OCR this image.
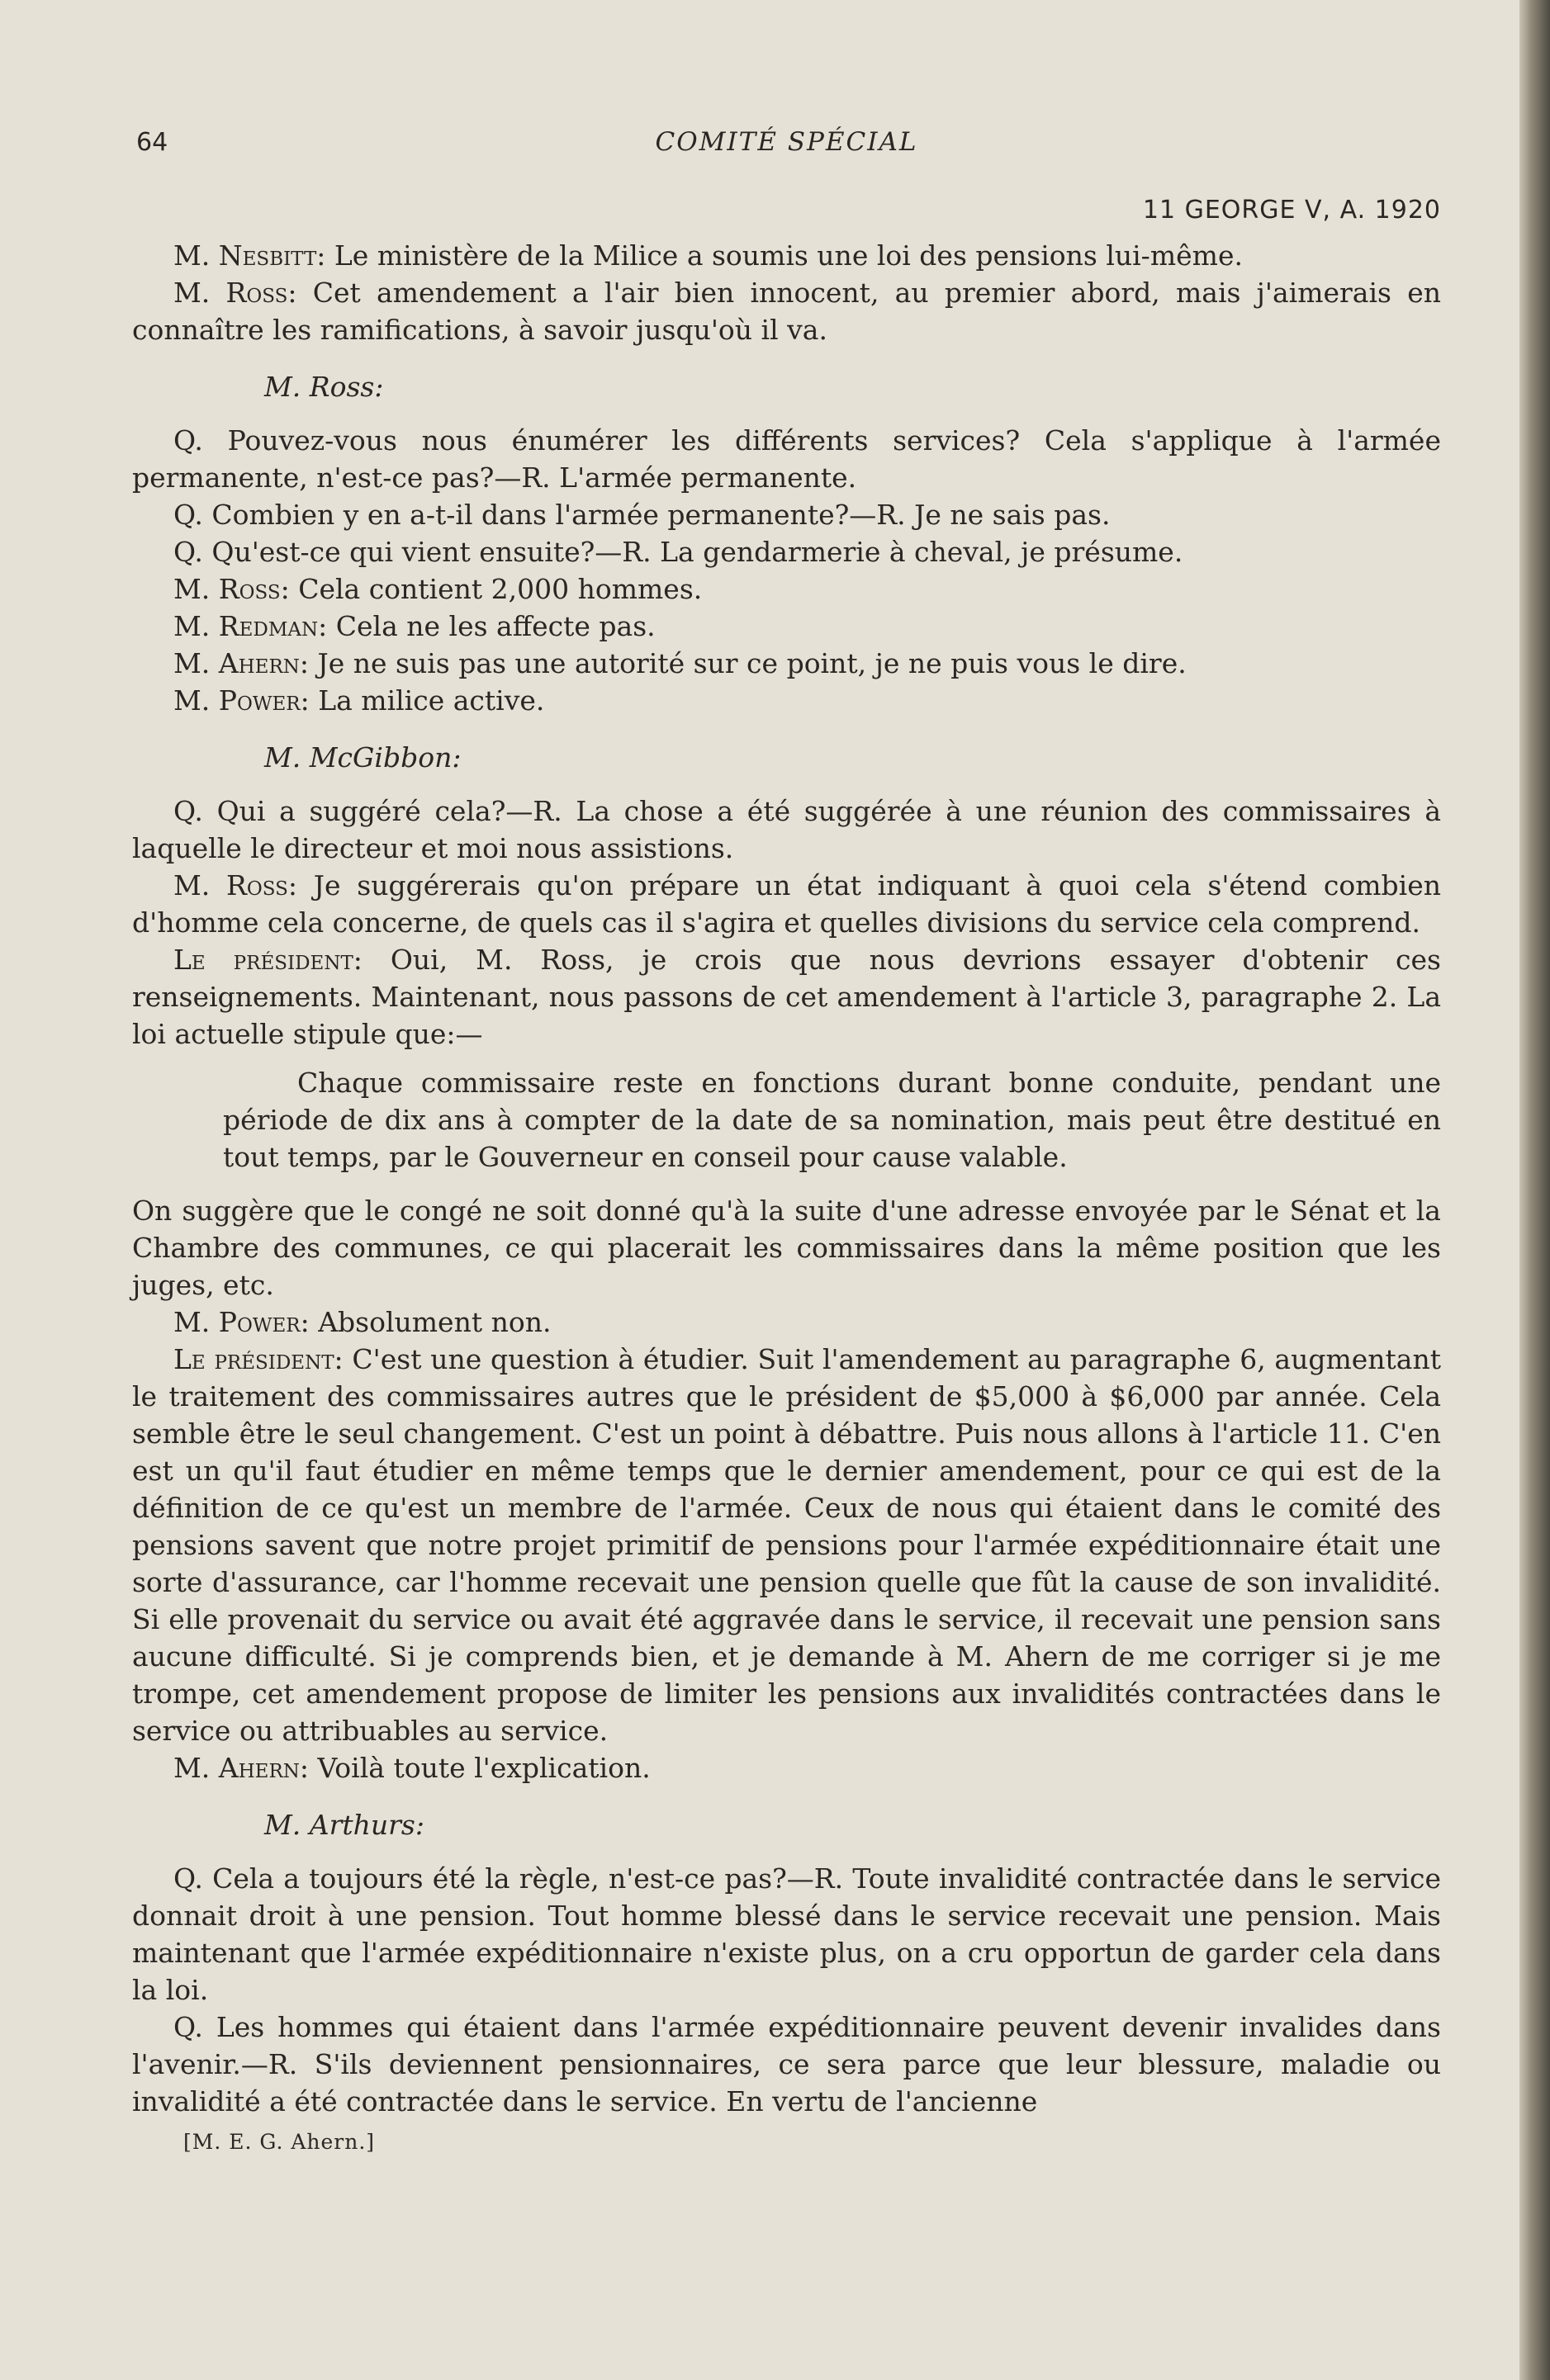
64	COMITÉ SPÉCIAL
11 GEORGE V, A. 1920

M. Nesbitt: Le ministère de la Milice a soumis une loi des pensions lui-même.

M. Ross: Cet amendement a l'air bien innocent, au premier abord, mais j'aimerais en connaître les ramifications, à savoir jusqu'où il va.

M. Ross:

Q. Pouvez-vous nous énumérer les différents services? Cela s'applique à l'armée permanente, n'est-ce pas?—R. L'armée permanente.

Q. Combien y en a-t-il dans l'armée permanente?—R. Je ne sais pas.

Q. Qu'est-ce qui vient ensuite?—R. La gendarmerie à cheval, je présume.

M. Ross: Cela contient 2,000 hommes.

M. Redman: Cela ne les affecte pas.

M. Ahern: Je ne suis pas une autorité sur ce point, je ne puis vous le dire.

M. Power: La milice active.

M. McGibbon:

Q. Qui a suggéré cela?—R. La chose a été suggérée à une réunion des commissaires à laquelle le directeur et moi nous assistions.

M. Ross: Je suggérerais qu'on prépare un état indiquant à quoi cela s'étend combien d'homme cela concerne, de quels cas il s'agira et quelles divisions du service cela comprend.

Le président: Oui, M. Ross, je crois que nous devrions essayer d'obtenir ces renseignements. Maintenant, nous passons de cet amendement à l'article 3, paragraphe 2. La loi actuelle stipule que:—

Chaque commissaire reste en fonctions durant bonne conduite, pendant une période de dix ans à compter de la date de sa nomination, mais peut être destitué en tout temps, par le Gouverneur en conseil pour cause valable.

On suggère que le congé ne soit donné qu'à la suite d'une adresse envoyée par le Sénat et la Chambre des communes, ce qui placerait les commissaires dans la même position que les juges, etc.

M. Power: Absolument non.

Le président: C'est une question à étudier. Suit l'amendement au paragraphe 6, augmentant le traitement des commissaires autres que le président de $5,000 à $6,000 par année. Cela semble être le seul changement. C'est un point à débattre. Puis nous allons à l'article 11. C'en est un qu'il faut étudier en même temps que le dernier amendement, pour ce qui est de la définition de ce qu'est un membre de l'armée. Ceux de nous qui étaient dans le comité des pensions savent que notre projet primitif de pensions pour l'armée expéditionnaire était une sorte d'assurance, car l'homme recevait une pension quelle que fût la cause de son invalidité. Si elle provenait du service ou avait été aggravée dans le service, il recevait une pension sans aucune difficulté. Si je comprends bien, et je demande à M. Ahern de me corriger si je me trompe, cet amendement propose de limiter les pensions aux invalidités contractées dans le service ou attribuables au service.

M. Ahern: Voilà toute l'explication.

M. Arthurs:

Q. Cela a toujours été la règle, n'est-ce pas?—R. Toute invalidité contractée dans le service donnait droit à une pension. Tout homme blessé dans le service recevait une pension. Mais maintenant que l'armée expéditionnaire n'existe plus, on a cru opportun de garder cela dans la loi.

Q. Les hommes qui étaient dans l'armée expéditionnaire peuvent devenir invalides dans l'avenir.—R. S'ils deviennent pensionnaires, ce sera parce que leur blessure, maladie ou invalidité a été contractée dans le service. En vertu de l'ancienne

[M. E. G. Ahern.]
